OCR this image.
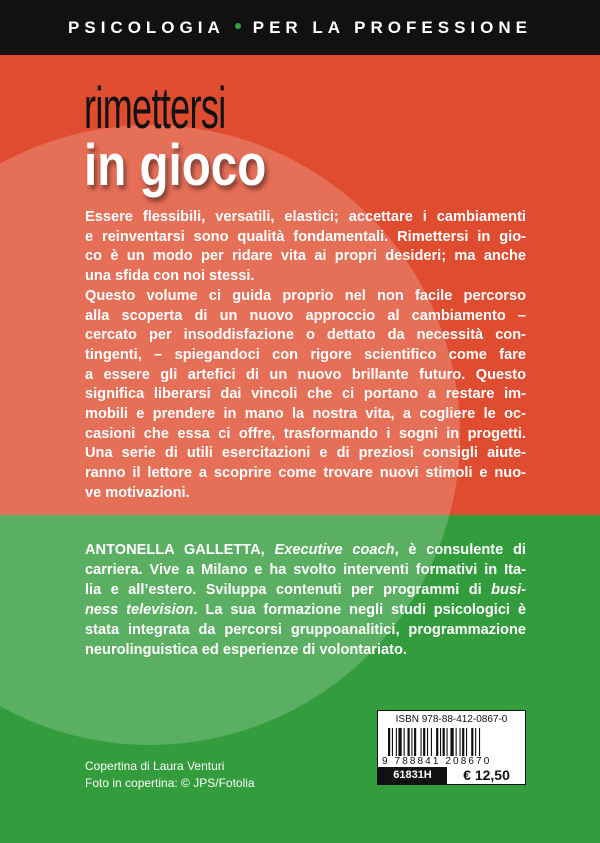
PSICOLOGIA PER LA PROFESSIONE
rimettersi
in gioco
Essere flessibili, versatili, elastici; accettare i cambiamenti
e reinventarsi sono qualità fondamentali. Rimettersi in gio-
co è un modo per ridare vita ai propri desideri; ma anche
una sfida con noi stessi.
Questo volume ci guida proprio nel non facile percorso
alla scoperta di un nuovo approccio al cambiamento –
cercato per insoddisfazione o dettato da necessità con-
tingenti, – spiegandoci con rigore scientifico come fare
a essere gli artefici di un nuovo brillante futuro. Questo
significa liberarsi dai vincoli che ci portano a restare im-
mobili e prendere in mano la nostra vita, a cogliere le oc-
casioni che essa ci offre, trasformando i sogni in progetti.
Una serie di utili esercitazioni e di preziosi consigli aiute-
ranno il lettore a scoprire come trovare nuovi stimoli e nuo-
ve motivazioni.
ANTONELLA GALLETTA, Executive coach, è consulente di
carriera. Vive a Milano e ha svolto interventi formativi in Ita-
lia e all’estero. Sviluppa contenuti per programmi di busi-
ness television. La sua formazione negli studi psicologici è
stata integrata da percorsi gruppoanalitici, programmazione
neurolinguistica ed esperienze di volontariato.
Copertina di Laura Venturi
Foto in copertina: © JPS/Fotolia
ISBN 978-88-412-0867-0
9 788841 208670
61831H	€ 12,50
